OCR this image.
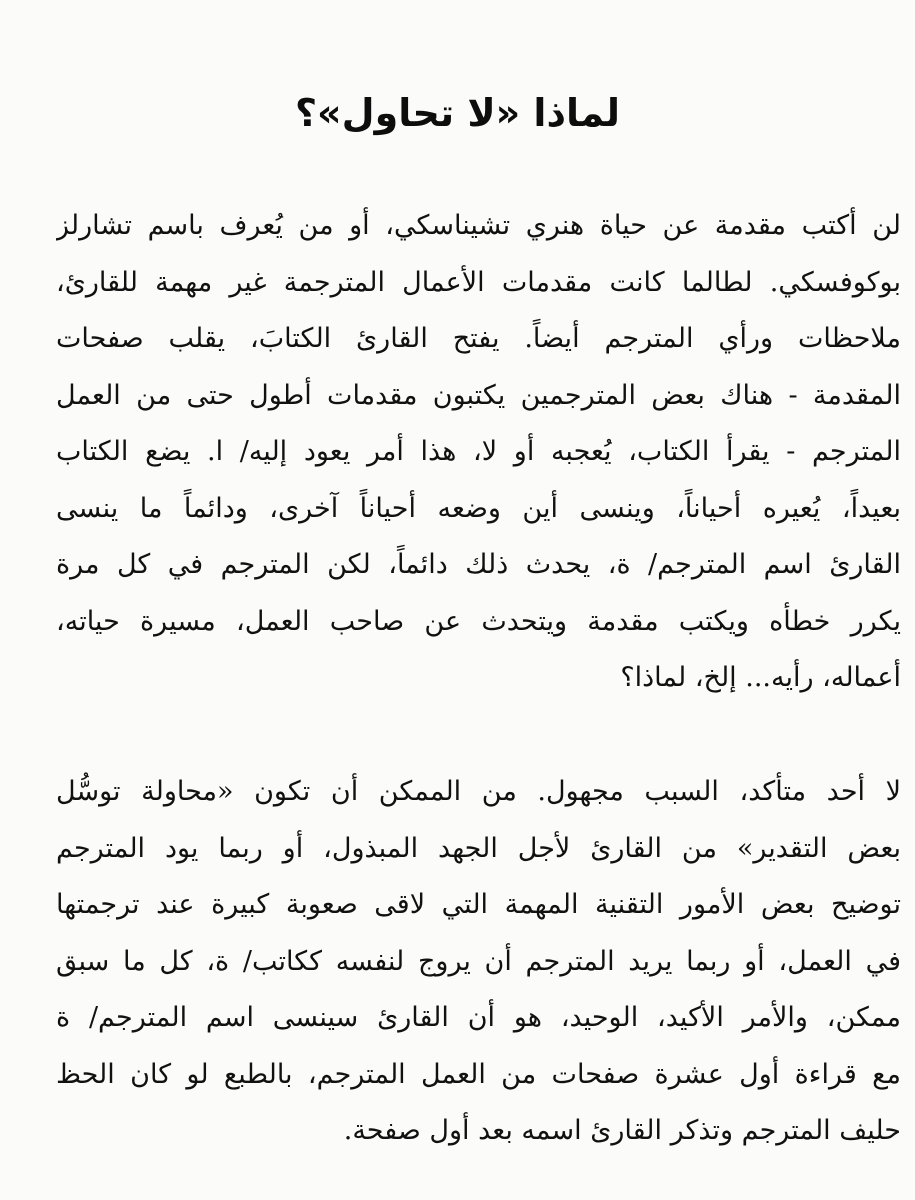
لماذا «لا تحاول»؟
لن أكتب مقدمة عن حياة هنري تشيناسكي، أو من يُعرف باسم تشارلز
بوكوفسكي. لطالما كانت مقدمات الأعمال المترجمة غير مهمة للقارئ،
ملاحظات ورأي المترجم أيضاً. يفتح القارئ الكتابَ، يقلب صفحات
المقدمة - هناك بعض المترجمين يكتبون مقدمات أطول حتى من العمل
المترجم - يقرأ الكتاب، يُعجبه أو لا، هذا أمر يعود إليه/ ا. يضع الكتاب
بعيداً، يُعيره أحياناً، وينسى أين وضعه أحياناً آخرى، ودائماً ما ينسى
القارئ اسم المترجم/ ة، يحدث ذلك دائماً، لكن المترجم في كل مرة
يكرر خطأه ويكتب مقدمة ويتحدث عن صاحب العمل، مسيرة حياته،
أعماله، رأيه... إلخ، لماذا؟
لا أحد متأكد، السبب مجهول. من الممكن أن تكون «محاولة توسُّل
بعض التقدير» من القارئ لأجل الجهد المبذول، أو ربما يود المترجم
توضيح بعض الأمور التقنية المهمة التي لاقى صعوبة كبيرة عند ترجمتها
في العمل، أو ربما يريد المترجم أن يروج لنفسه ككاتب/ ة، كل ما سبق
ممكن، والأمر الأكيد، الوحيد، هو أن القارئ سينسى اسم المترجم/ ة
مع قراءة أول عشرة صفحات من العمل المترجم، بالطبع لو كان الحظ
حليف المترجم وتذكر القارئ اسمه بعد أول صفحة.
